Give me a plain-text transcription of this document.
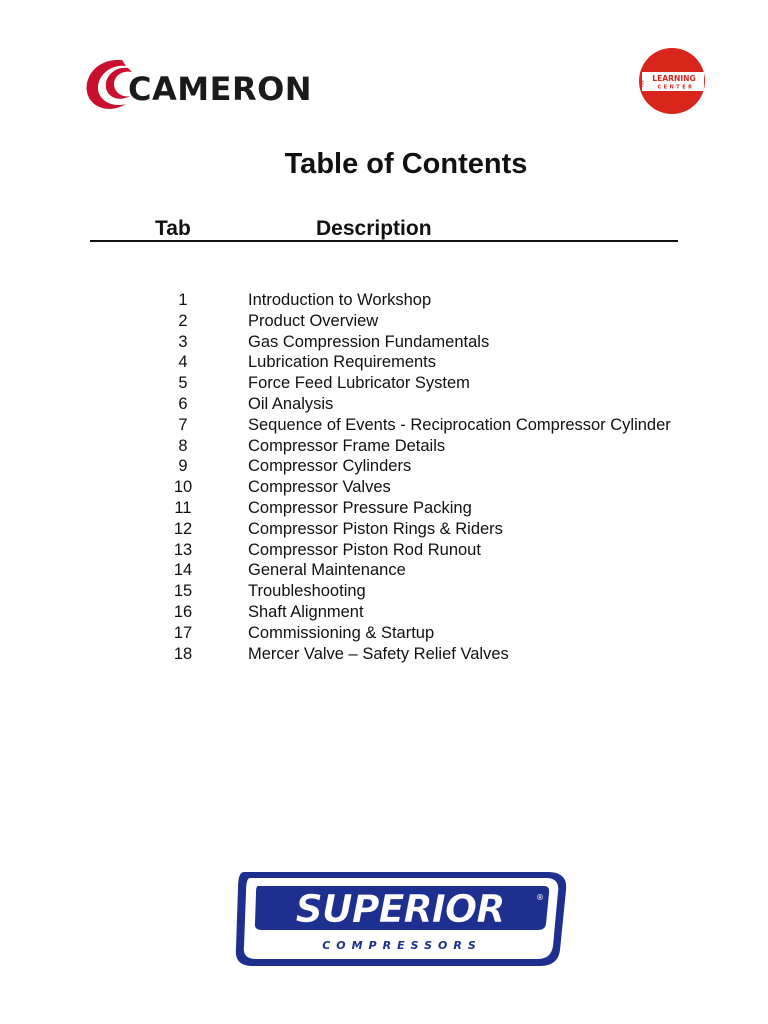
CAMERON	THE
LEARNING
CENTER
Table of Contents
Tab	Description
1	Introduction to Workshop
2	Product Overview
3	Gas Compression Fundamentals
4	Lubrication Requirements
5	Force Feed Lubricator System
6	Oil Analysis
7	Sequence of Events - Reciprocation Compressor Cylinder
8	Compressor Frame Details
9	Compressor Cylinders
10	Compressor Valves
11	Compressor Pressure Packing
12	Compressor Piston Rings & Riders
13	Compressor Piston Rod Runout
14	General Maintenance
15	Troubleshooting
16	Shaft Alignment
17	Commissioning & Startup
18	Mercer Valve – Safety Relief Valves
SUPERIOR	®
COMPRESSORS
